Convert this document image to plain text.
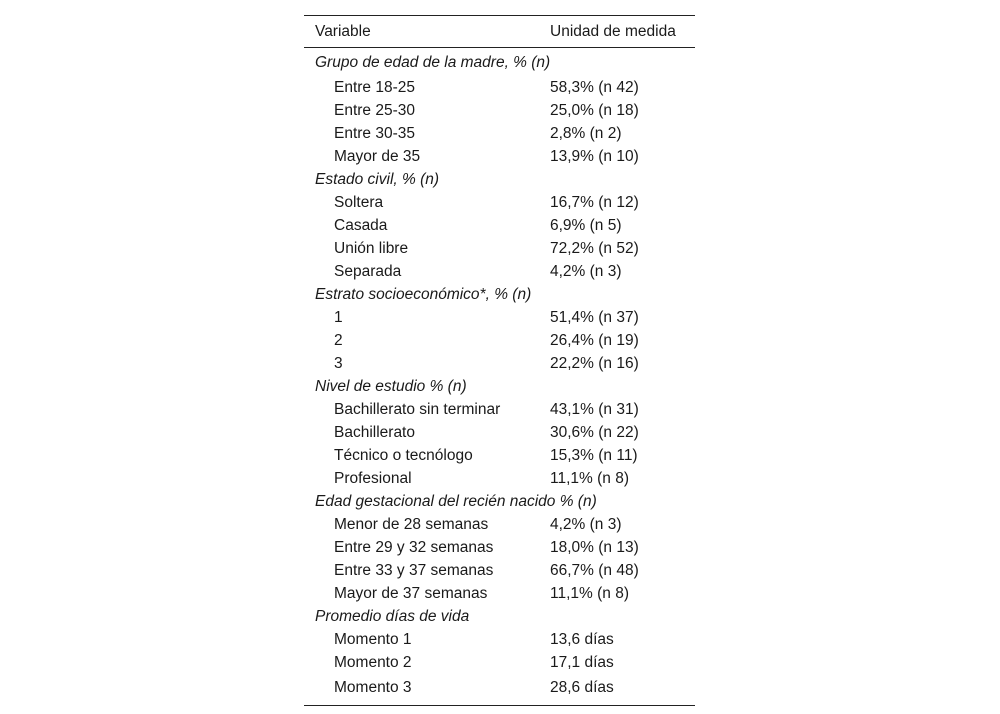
Variable	Unidad de medida
Grupo de edad de la madre, % (n)	
Entre 18-25	58,3% (n 42)
Entre 25-30	25,0% (n 18)
Entre 30-35	2,8% (n 2)
Mayor de 35	13,9% (n 10)
Estado civil, % (n)	
Soltera	16,7% (n 12)
Casada	6,9% (n 5)
Unión libre	72,2% (n 52)
Separada	4,2% (n 3)
Estrato socioeconómico*, % (n)	
1	51,4% (n 37)
2	26,4% (n 19)
3	22,2% (n 16)
Nivel de estudio % (n)	
Bachillerato sin terminar	43,1% (n 31)
Bachillerato	30,6% (n 22)
Técnico o tecnólogo	15,3% (n 11)
Profesional	11,1% (n 8)
Edad gestacional del recién nacido % (n)	
Menor de 28 semanas	4,2% (n 3)
Entre 29 y 32 semanas	18,0% (n 13)
Entre 33 y 37 semanas	66,7% (n 48)
Mayor de 37 semanas	11,1% (n 8)
Promedio días de vida	
Momento 1	13,6 días
Momento 2	17,1 días
Momento 3	28,6 días
